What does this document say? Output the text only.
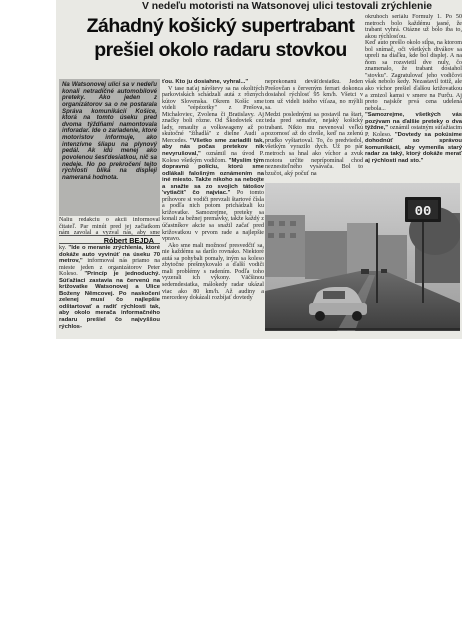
V nedeľu motoristi na Watsonovej ulici testovali zrýchlenie
Záhadný košický supertrabant prešiel okolo radaru stovkou
Na Watsonovej ulici sa v nedeľu konali netradičné automobilové preteky. Ako jeden z organizátorov sa o ne postarala Správa komunikácií Košice, ktorá na tomto úseku pred dvoma týždňami namontovala inforadar. Ide o zariadenie, ktoré motoristov informuje, ako intenzívne šliapu na plynový pedál. Ak idú menej ako povolenou šesťdesiatkou, nič sa nedeje. No po prekročení tejto rýchlosti bliká na displeji nameraná hodnota.

Nalíu redakciu o akcii informoval čitateľ. Par minút pred jej začiatkom nám zavolal a vyzval nás, aby sme

Róbert BEJDA

ky. "Ide o meranie zrýchlenia, ktoré dokáže auto vyvinúť na úseku 70 metrov," informoval nás priamo na mieste jeden z organizátorov Peter Koleso. "Princíp je jednoduchý. Súťažiaci zastavia na červenú na križovatke Watsonovej a Ulice Boženy Němcovej. Po naskočení zelenej musí čo najlepšie odštartovať a radiť rýchlosti tak, aby okolo merača informačného radaru prešiel čo najvyššou rýchlos-

ťou. Kto ju dosiahne, vyhral..."

V tase naťaj návštevy sa na okolitých parkoviskách schádzali autá z rôznych kútov Slovenska. Okrem Košíc sme videli "eépézetky" z Prešova, Michaloviec, Zvolena či Bratislavy. Aj značky boli rôzne. Od Škodoviek cez lady, renaulty a volkswageny až po skutočné "žihadlá" z dielne Audi a Mercedes. "Všetko sme zariadili tak, aby nás počas pretekov nik nevyrušoval," oznámil na úvod P. Koleso všetkým vodičom. "Myslím tým dopravnú políciu, ktorú sme odlákali falošným oznámením na iné miesto. Takže nikoho sa nebojte a snažte sa zo svojich tátošov 'vytiačiť' čo najviac." Po tomto príhovore si vodiči prevzali štartové čísla a podľa nich potom prichádzali ku križovatke. Samozrejme, preteky sa konali za bežnej premávky, takže každý z účastníkov akcie sa snažil začať pred križovatkou v prvom rade a najlepšie vpravo.

Ako sme mali možnosť presvedčiť sa, nie každému sa darilo rovnako. Niektoré autá sa pohybali pomaly, iným sa koleso zbytočne prešmykovalo a ďalší vodiči mali problémy s radením. Podľa toho vyzerali ich výkony. Väčšinou sedemdesiatka, málokedy radar ukázal viac ako 80 km/h. Až audiny a mercedesy dokázali rozbíjať dovtedy

neprekonanú deväťdesiatku. Jeden Prešovčan s červeným ferrari dokonca dosiahol rýchlosť 95 km/h. Všetci v tom už videli istého víťaza, no mýlili sa.
Medzi poslednými sa postavil na štart, teda pred semafor, nejaký košický trabant. Nikto mu nevenoval veľkú pozornosť až do chvíle, keď na zelenú prudko vyštartoval. To, čo predviedol, všetkým vyrazilo dych. Už po pár metroch sa hnal ako víchor a zvuk motora určite neprípomínal chod neznesiteľného vysávača. Bol to bzučot, aký počuť na

okruhoch seriálu Formuly 1. Po 50 metroch bolo každému jasné, že trabant vyhrá. Otázne už bolo iba to, akou rýchlosťou.
Keď auto prešlo okolo stĺpa, na ktorom bol snímač, oči všetkých divákov sa upreli na diaľku, kde bol displej. A na ňom sa rozsvietil dve nuly, čo znamenalo, že trabant dosiahol "stovku". Zagratulovať jeho vodičovi však nebolo kedy. Nezastavil totiž, ale ako víchor prešiel ďalšou križovatkou a zmizol kamsi v smere na Furču. Aj preto najskôr prvá cena udelená nebola...
"Samozrejme, všetkých vás pozývam na ďalšie preteky o dva týždne," oznámil ostatným súťažiacim P. Koleso. "Dovtedy sa pokúsime dohodnúť so správou komunikácií, aby vymenila starý radar za taký, ktorý dokáže merať aj rýchlosti nad sto."

00
